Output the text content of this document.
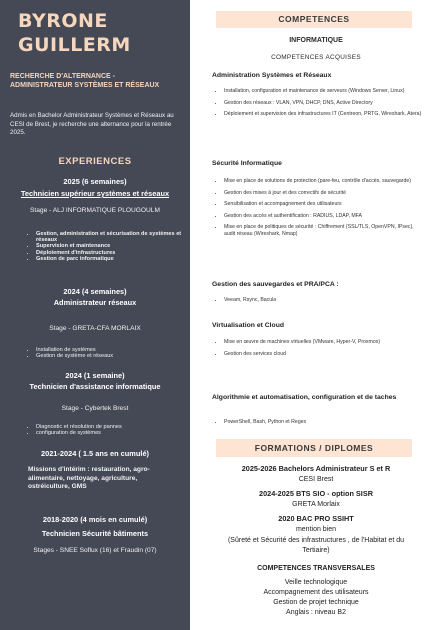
BYRONE
GUILLERM
RECHERCHE D'ALTERNANCE - ADMINISTRATEUR SYSTÈMES ET RÉSEAUX
Admis en Bachelor Administrateur Systèmes et Réseaux au CESI de Brest, je recherche une alternance pour la rentrée 2025.
EXPERIENCES
2025 (6 semaines)
Technicien supérieur systèmes et réseaux
Stage - ALJ INFORMATIQUE PLOUGOULM
• Gestion, administration et sécurisation de systèmes et réseaux
• Supervision et maintenance
• Déploiement d'infrastructures
• Gestion de parc informatique
2024 (4 semaines)
Administrateur réseaux
Stage - GRETA-CFA MORLAIX
• Installation de systèmes
• Gestion de système et réseaux
2024 (1 semaine)
Technicien d'assistance informatique
Stage - Cybertek Brest
• Diagnostic et résolution de pannes
• configuration de systèmes
2021-2024 ( 1.5 ans en cumulé)
Missions d'intérim : restauration, agro-alimentaire, nettoyage, agriculture, ostréiculture, GMS
2018-2020 (4 mois en cumulé)
Technicien Sécurité bâtiments
Stages - SNEE Soflux (16) et Fraudin (07)
COMPETENCES
INFORMATIQUE
COMPETENCES ACQUISES
Administration Systèmes et Réseaux
• Installation, configuration et maintenance de serveurs (Windows Server, Linux)
• Gestion des réseaux : VLAN, VPN, DHCP, DNS, Active Directory
• Déploiement et supervision des infrastructures IT (Centreon, PRTG, Wireshark, Atera)
Sécurité Informatique
• Mise en place de solutions de protection (pare-feu, contrôle d'accès, sauvegarde)
• Gestion des mises à jour et des correctifs de sécurité
• Sensibilisation et accompagnement des utilisateurs
• Gestion des accès et authentification : RADIUS, LDAP, MFA
• Mise en place de politiques de sécurité : Chiffrement (SSL/TLS, OpenVPN, IPsec), audit réseau (Wireshark, Nmap)
Gestion des sauvegardes et PRA/PCA :
• Veeam, Rsync, Bacula
Virtualisation et Cloud
• Mise en œuvre de machines virtuelles (VMware, Hyper-V, Proxmox)
• Gestion des services cloud
Algorithmie et automatisation, configuration et de taches
• PowerShell, Bash, Python et Regex
FORMATIONS / DIPLOMES
2025-2026 Bachelors Administrateur S et R
CESI Brest
2024-2025 BTS SIO - option SISR
GRETA Morlaix
2020 BAC PRO SSIHT
mention bien
(Sûreté et Sécurité des infrastructures , de l'Habitat et du Tertiaire)
COMPETENCES TRANSVERSALES
Veille technologique
Accompagnement des utilisateurs
Gestion de projet technique
Anglais : niveau B2
